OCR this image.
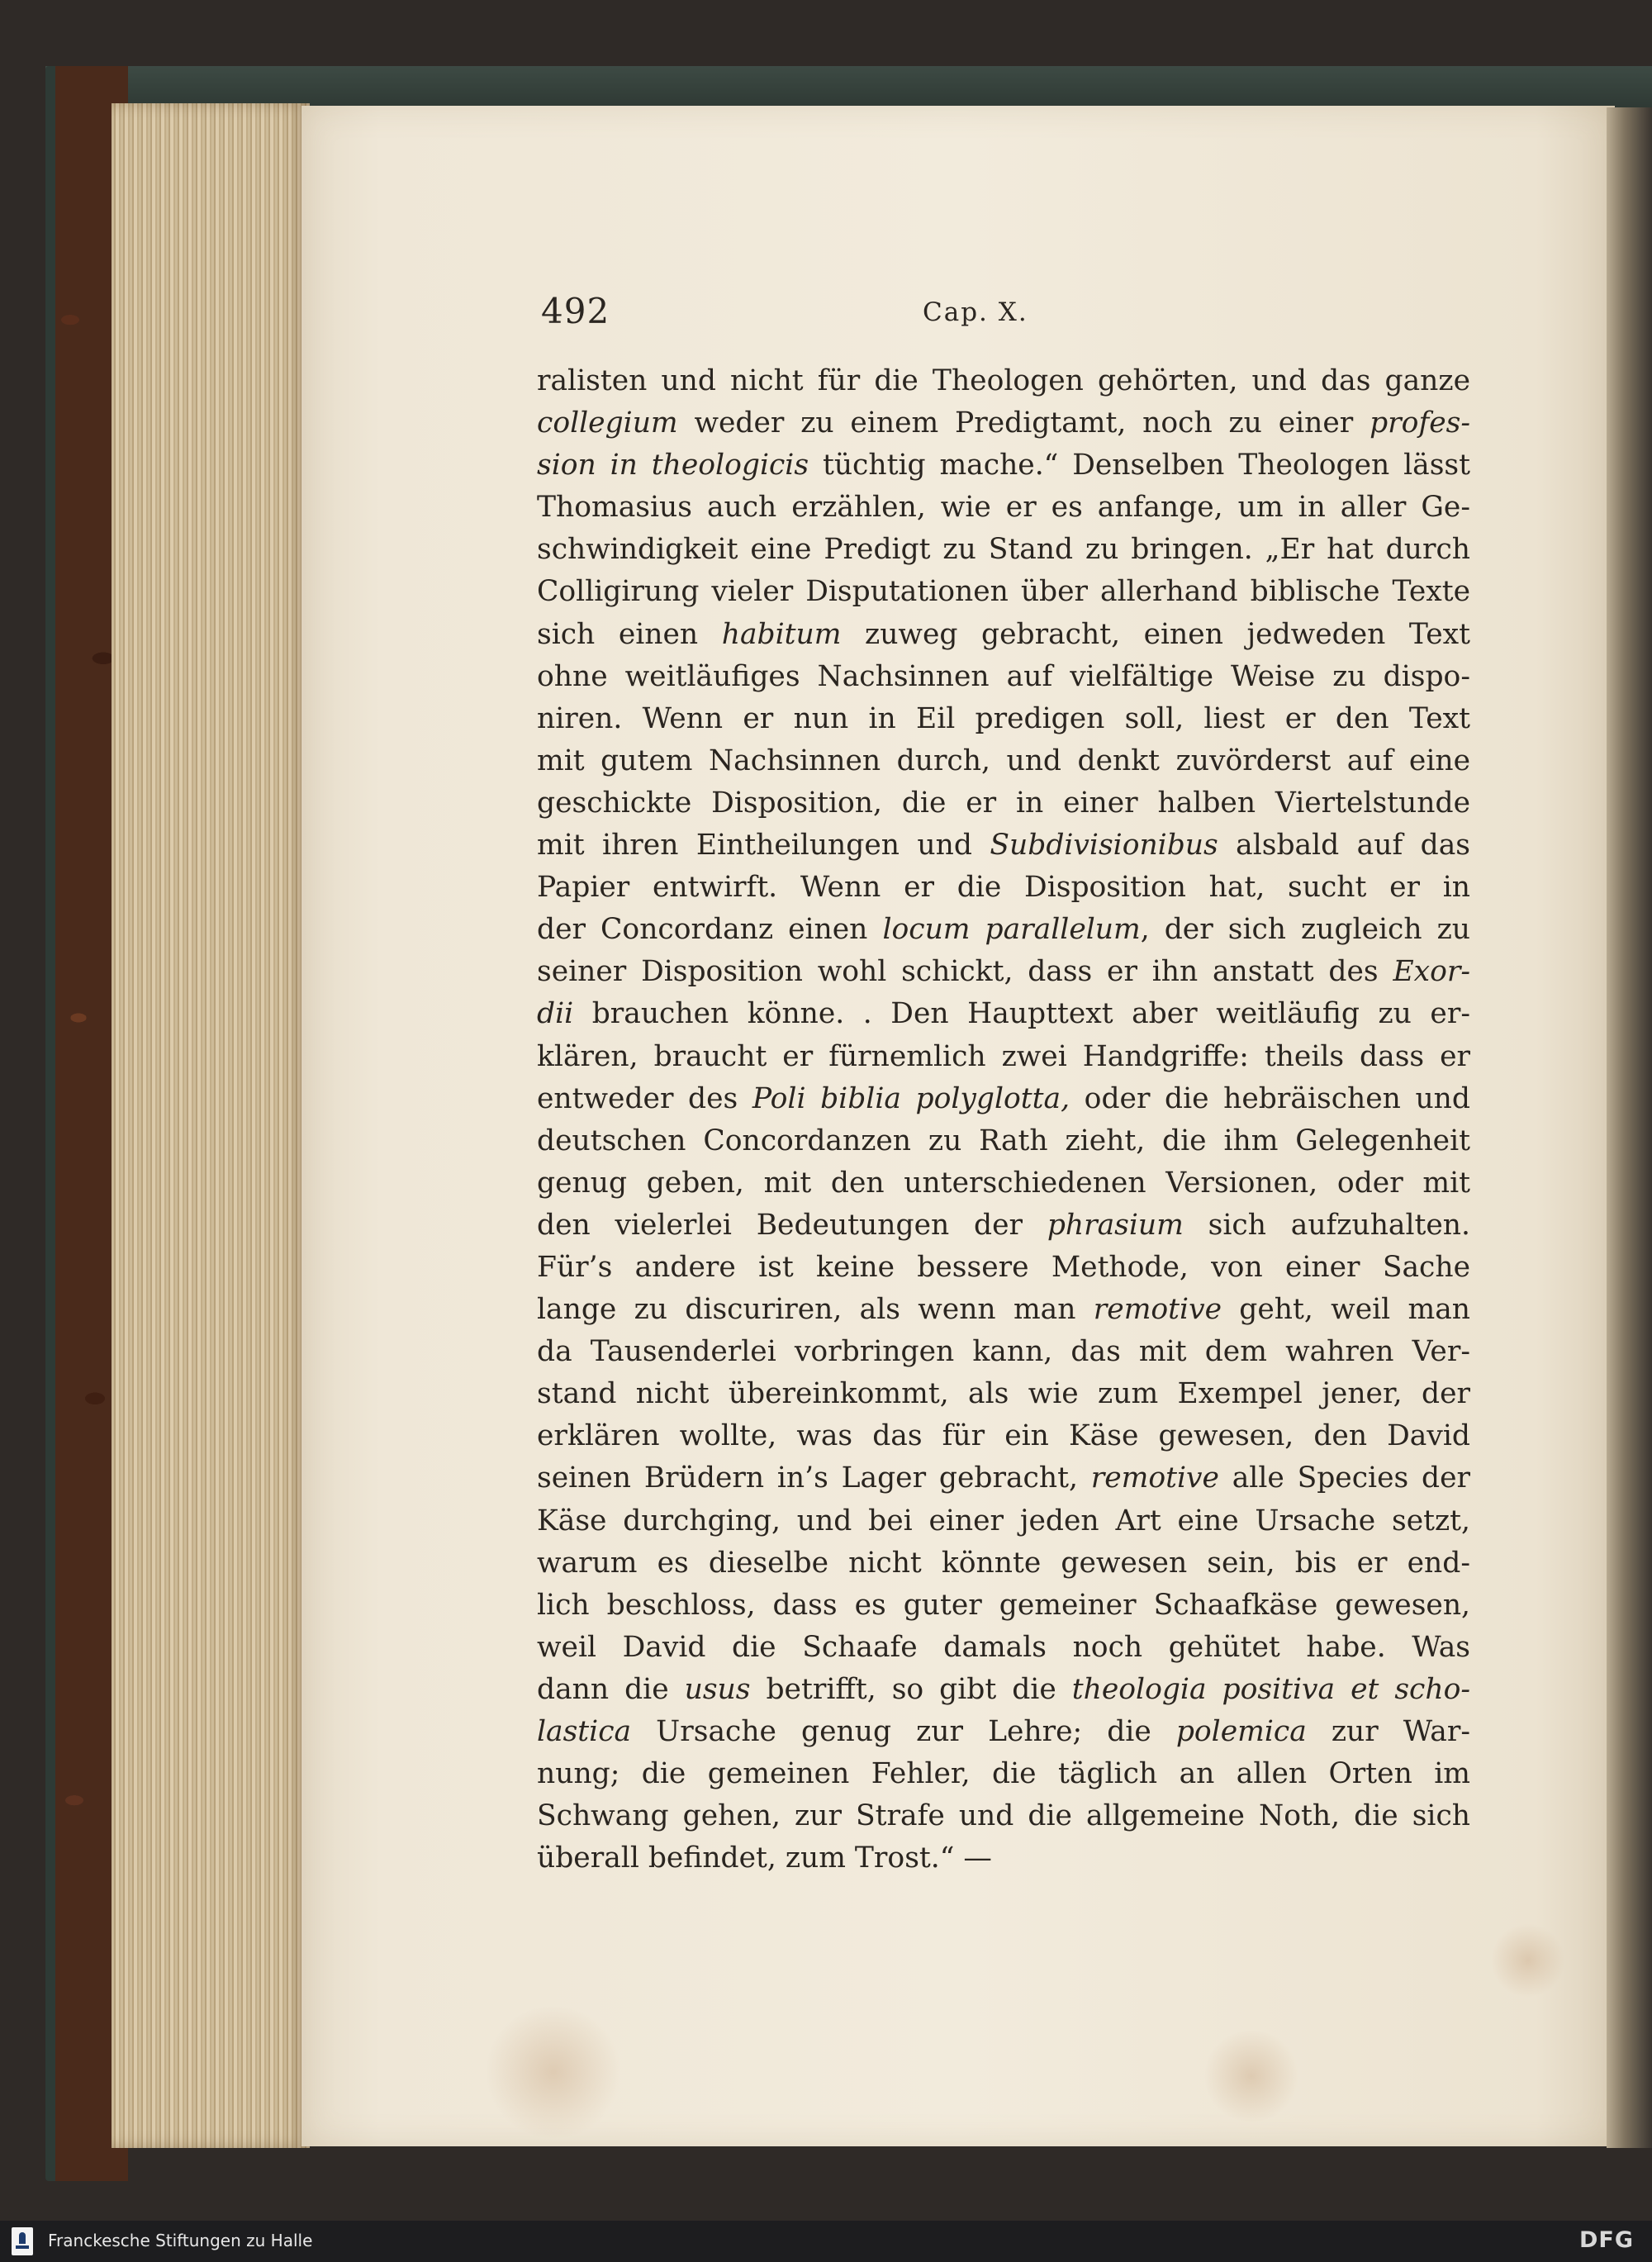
492	Cap. X.
ralisten und nicht für die Theologen gehörten, und das ganze
collegium weder zu einem Predigtamt, noch zu einer profes-
sion in theologicis tüchtig mache.“ Denselben Theologen lässt
Thomasius auch erzählen, wie er es anfange, um in aller Ge-
schwindigkeit eine Predigt zu Stand zu bringen. „Er hat durch
Colligirung vieler Disputationen über allerhand biblische Texte
sich einen habitum zuweg gebracht, einen jedweden Text
ohne weitläufiges Nachsinnen auf vielfältige Weise zu dispo-
niren. Wenn er nun in Eil predigen soll, liest er den Text
mit gutem Nachsinnen durch, und denkt zuvörderst auf eine
geschickte Disposition, die er in einer halben Viertelstunde
mit ihren Eintheilungen und Subdivisionibus alsbald auf das
Papier entwirft. Wenn er die Disposition hat, sucht er in
der Concordanz einen locum parallelum, der sich zugleich zu
seiner Disposition wohl schickt, dass er ihn anstatt des Exor-
dii brauchen könne. . Den Haupttext aber weitläufig zu er-
klären, braucht er fürnemlich zwei Handgriffe: theils dass er
entweder des Poli biblia polyglotta, oder die hebräischen und
deutschen Concordanzen zu Rath zieht, die ihm Gelegenheit
genug geben, mit den unterschiedenen Versionen, oder mit
den vielerlei Bedeutungen der phrasium sich aufzuhalten.
Für’s andere ist keine bessere Methode, von einer Sache
lange zu discuriren, als wenn man remotive geht, weil man
da Tausenderlei vorbringen kann, das mit dem wahren Ver-
stand nicht übereinkommt, als wie zum Exempel jener, der
erklären wollte, was das für ein Käse gewesen, den David
seinen Brüdern in’s Lager gebracht, remotive alle Species der
Käse durchging, und bei einer jeden Art eine Ursache setzt,
warum es dieselbe nicht könnte gewesen sein, bis er end-
lich beschloss, dass es guter gemeiner Schaafkäse gewesen,
weil David die Schaafe damals noch gehütet habe. Was
dann die usus betrifft, so gibt die theologia positiva et scho-
lastica Ursache genug zur Lehre; die polemica zur War-
nung; die gemeinen Fehler, die täglich an allen Orten im
Schwang gehen, zur Strafe und die allgemeine Noth, die sich
überall befindet, zum Trost.“ —
Franckesche Stiftungen zu Halle	DFG
